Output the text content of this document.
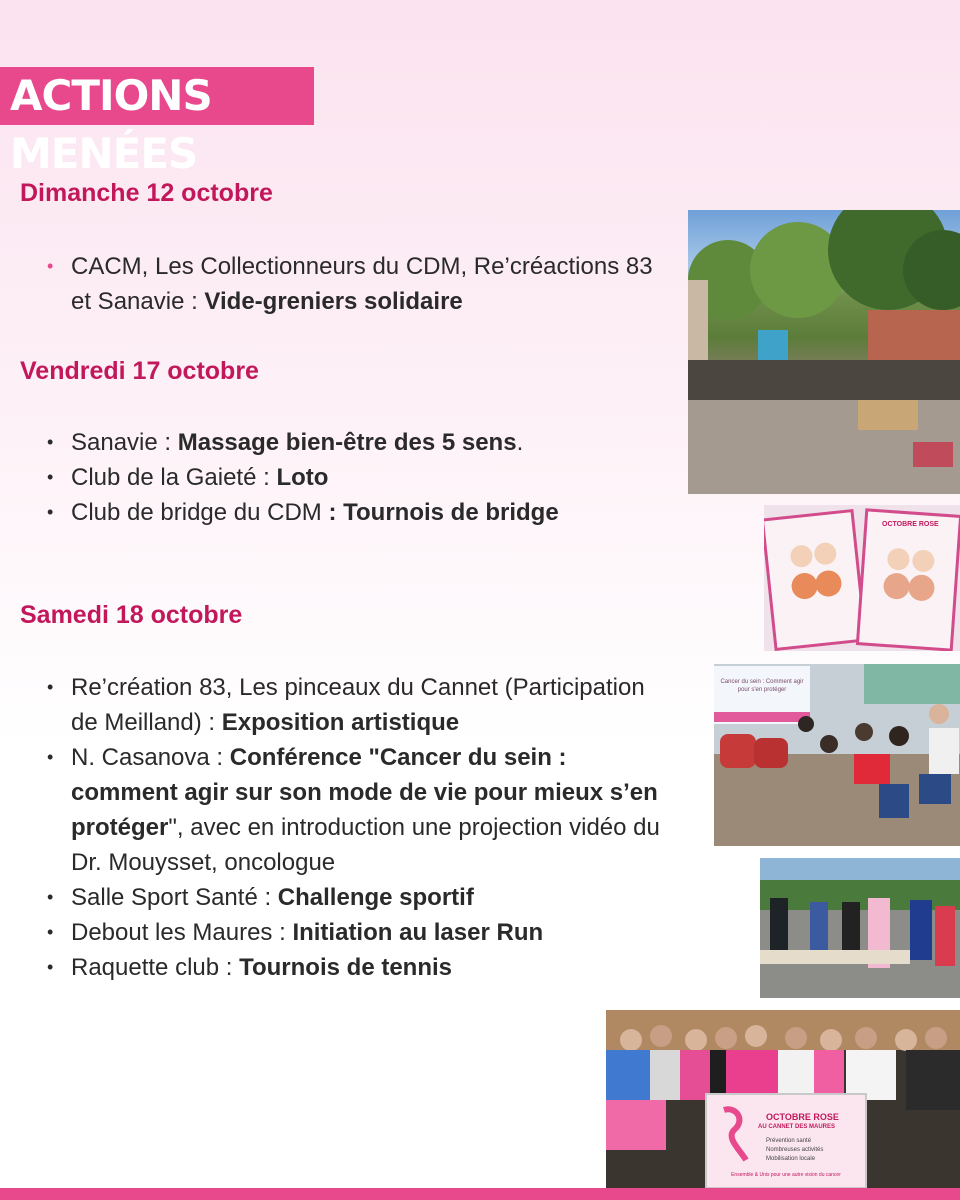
ACTIONS MENÉES
Dimanche 12 octobre
• CACM, Les Collectionneurs du CDM, Re’créactions 83 et Sanavie : Vide-greniers solidaire
Vendredi 17 octobre
• Sanavie : Massage bien-être des 5 sens.
• Club de la Gaieté : Loto
• Club de bridge du CDM : Tournois de bridge
Samedi 18 octobre
• Re’création 83, Les pinceaux du Cannet (Participation de Meilland) : Exposition artistique
• N. Casanova : Conférence "Cancer du sein : comment agir sur son mode de vie pour mieux s’en protéger", avec en introduction une projection vidéo du Dr. Mouysset, oncologue
• Salle Sport Santé : Challenge sportif
• Debout les Maures : Initiation au laser Run
• Raquette club : Tournois de tennis
OCTOBRE ROSE
Cancer du sein : Comment agir pour s'en protéger
OCTOBRE ROSE
AU CANNET DES MAURES
Prévention santé
Nombreuses activités
Mobilisation locale
Ensemble & Unis pour une autre vision du cancer
